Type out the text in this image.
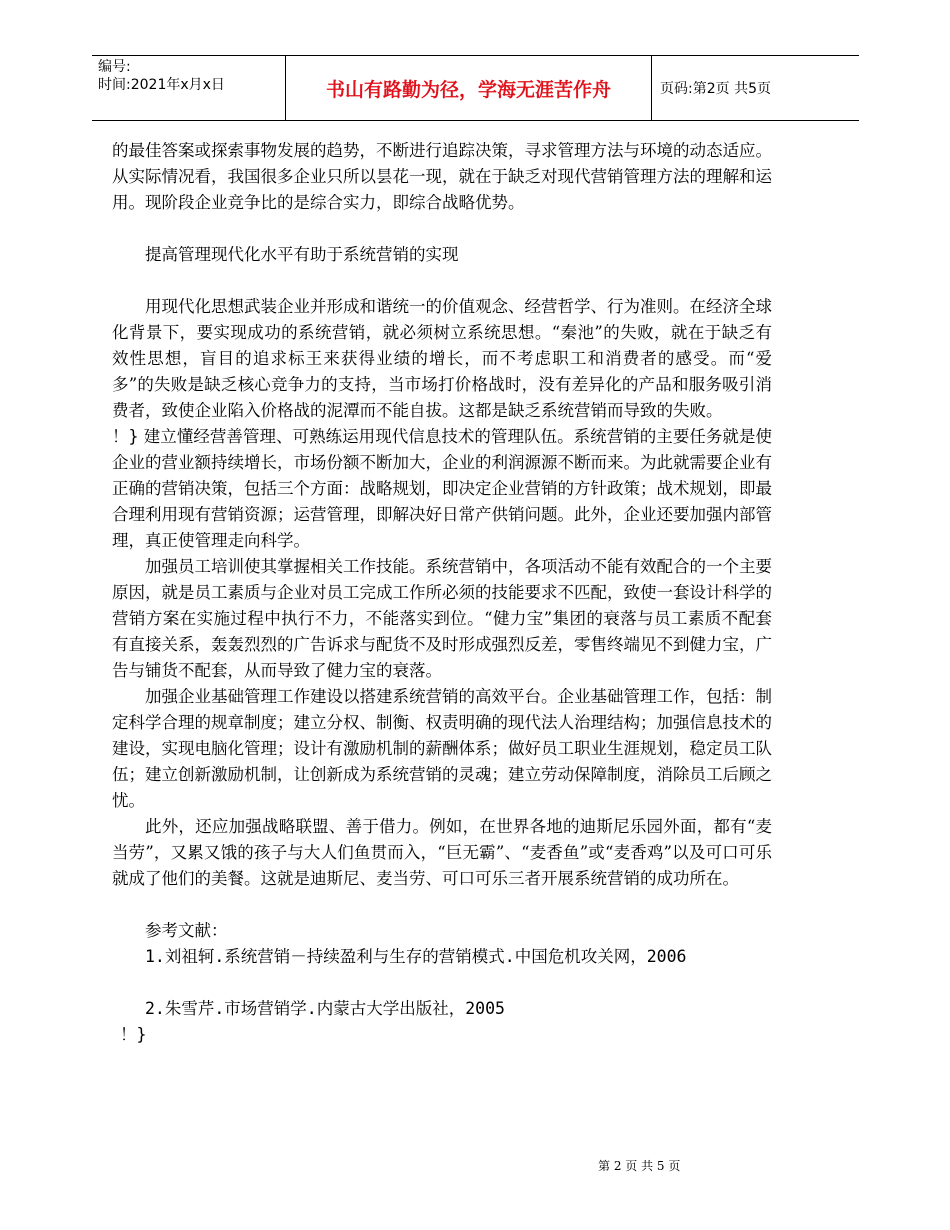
编号:
时间:2021年x月x日	书山有路勤为径，学海无涯苦作舟	页码:第2页 共5页

的最佳答案或探索事物发展的趋势，不断进行追踪决策，寻求管理方法与环境的动态适应。从实际情况看，我国很多企业只所以昙花一现，就在于缺乏对现代营销管理方法的理解和运用。现阶段企业竞争比的是综合实力，即综合战略优势。

提高管理现代化水平有助于系统营销的实现

用现代化思想武装企业并形成和谐统一的价值观念、经营哲学、行为准则。在经济全球化背景下，要实现成功的系统营销，就必须树立系统思想。“秦池”的失败，就在于缺乏有效性思想，盲目的追求标王来获得业绩的增长，而不考虑职工和消费者的感受。而“爱多”的失败是缺乏核心竞争力的支持，当市场打价格战时，没有差异化的产品和服务吸引消费者，致使企业陷入价格战的泥潭而不能自拔。这都是缺乏系统营销而导致的失败。

！} 建立懂经营善管理、可熟练运用现代信息技术的管理队伍。系统营销的主要任务就是使企业的营业额持续增长，市场份额不断加大，企业的利润源源不断而来。为此就需要企业有正确的营销决策，包括三个方面：战略规划，即决定企业营销的方针政策；战术规划，即最合理利用现有营销资源；运营管理，即解决好日常产供销问题。此外，企业还要加强内部管理，真正使管理走向科学。

加强员工培训使其掌握相关工作技能。系统营销中，各项活动不能有效配合的一个主要原因，就是员工素质与企业对员工完成工作所必须的技能要求不匹配，致使一套设计科学的营销方案在实施过程中执行不力，不能落实到位。“健力宝”集团的衰落与员工素质不配套有直接关系，轰轰烈烈的广告诉求与配货不及时形成强烈反差，零售终端见不到健力宝，广告与铺货不配套，从而导致了健力宝的衰落。

加强企业基础管理工作建设以搭建系统营销的高效平台。企业基础管理工作，包括：制定科学合理的规章制度；建立分权、制衡、权责明确的现代法人治理结构；加强信息技术的建设，实现电脑化管理；设计有激励机制的薪酬体系；做好员工职业生涯规划，稳定员工队伍；建立创新激励机制，让创新成为系统营销的灵魂；建立劳动保障制度，消除员工后顾之忧。

此外，还应加强战略联盟、善于借力。例如，在世界各地的迪斯尼乐园外面，都有“麦当劳”，又累又饿的孩子与大人们鱼贯而入，“巨无霸”、“麦香鱼”或“麦香鸡”以及可口可乐就成了他们的美餐。这就是迪斯尼、麦当劳、可口可乐三者开展系统营销的成功所在。

参考文献：

1.刘祖轲.系统营销－持续盈利与生存的营销模式.中国危机攻关网，2006

2.朱雪芹.市场营销学.内蒙古大学出版社，2005

！}

第 2 页 共 5 页
